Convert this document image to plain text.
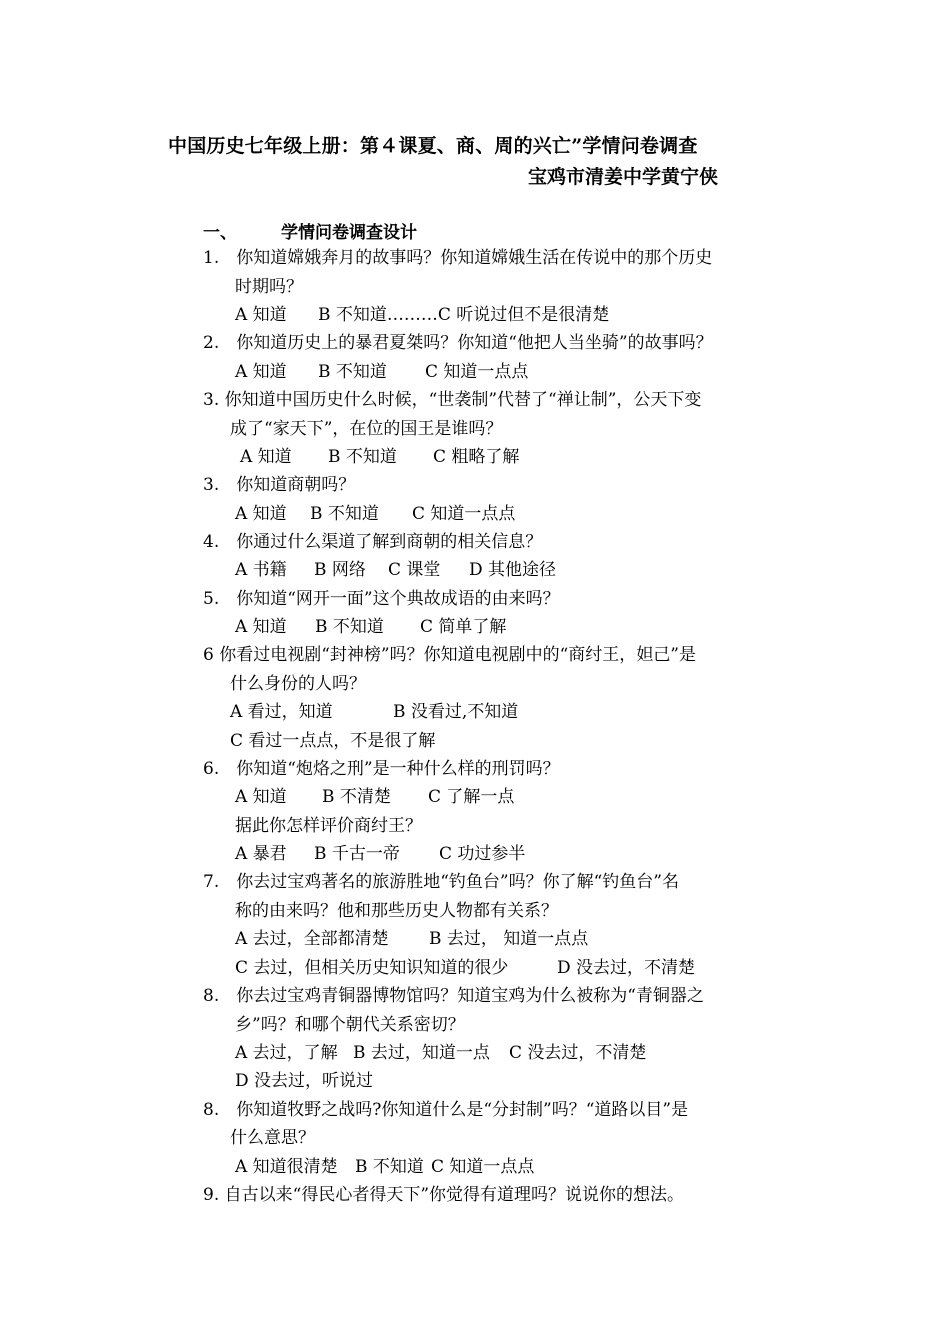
中国历史七年级上册：第４课夏、商、周的兴亡”学情问卷调查
宝鸡市清姜中学黄宁侠
一、	学情问卷调查设计
1.　你知道嫦娥奔月的故事吗？你知道嫦娥生活在传说中的那个历史
时期吗？
A 知道 B 不知道………C 听说过但不是很清楚
2.　你知道历史上的暴君夏桀吗？你知道“他把人当坐骑”的故事吗？
A 知道 B 不知道 C 知道一点点
3. 你知道中国历史什么时候，“世袭制”代替了“禅让制”，公天下变
成了“家天下”，在位的国王是谁吗？
A 知道 B 不知道 C 粗略了解
3.　你知道商朝吗？
A 知道 B 不知道 C 知道一点点
4.　你通过什么渠道了解到商朝的相关信息？
A 书籍 B 网络 C 课堂 D 其他途径
5.　你知道“网开一面”这个典故成语的由来吗？
A 知道 B 不知道 C 简单了解
6 你看过电视剧“封神榜”吗？你知道电视剧中的“商纣王，妲己”是
什么身份的人吗？
A 看过，知道	B 没看过,不知道
C 看过一点点，不是很了解
6.　你知道“炮烙之刑”是一种什么样的刑罚吗？
A 知道 B 不清楚 C 了解一点
据此你怎样评价商纣王？
A 暴君 B 千古一帝 C 功过参半
7.　你去过宝鸡著名的旅游胜地“钓鱼台”吗？你了解“钓鱼台”名
称的由来吗？他和那些历史人物都有关系？
A 去过，全部都清楚 B 去过， 知道一点点
C 去过，但相关历史知识知道的很少	D 没去过，不清楚
8.　你去过宝鸡青铜器博物馆吗？知道宝鸡为什么被称为“青铜器之
乡”吗？和哪个朝代关系密切？
A 去过，了解 B 去过，知道一点 C 没去过，不清楚
D 没去过，听说过
8.　你知道牧野之战吗?你知道什么是“分封制”吗？“道路以目”是
什么意思？
A 知道很清楚 B 不知道 C 知道一点点
9. 自古以来“得民心者得天下”你觉得有道理吗？说说你的想法。
